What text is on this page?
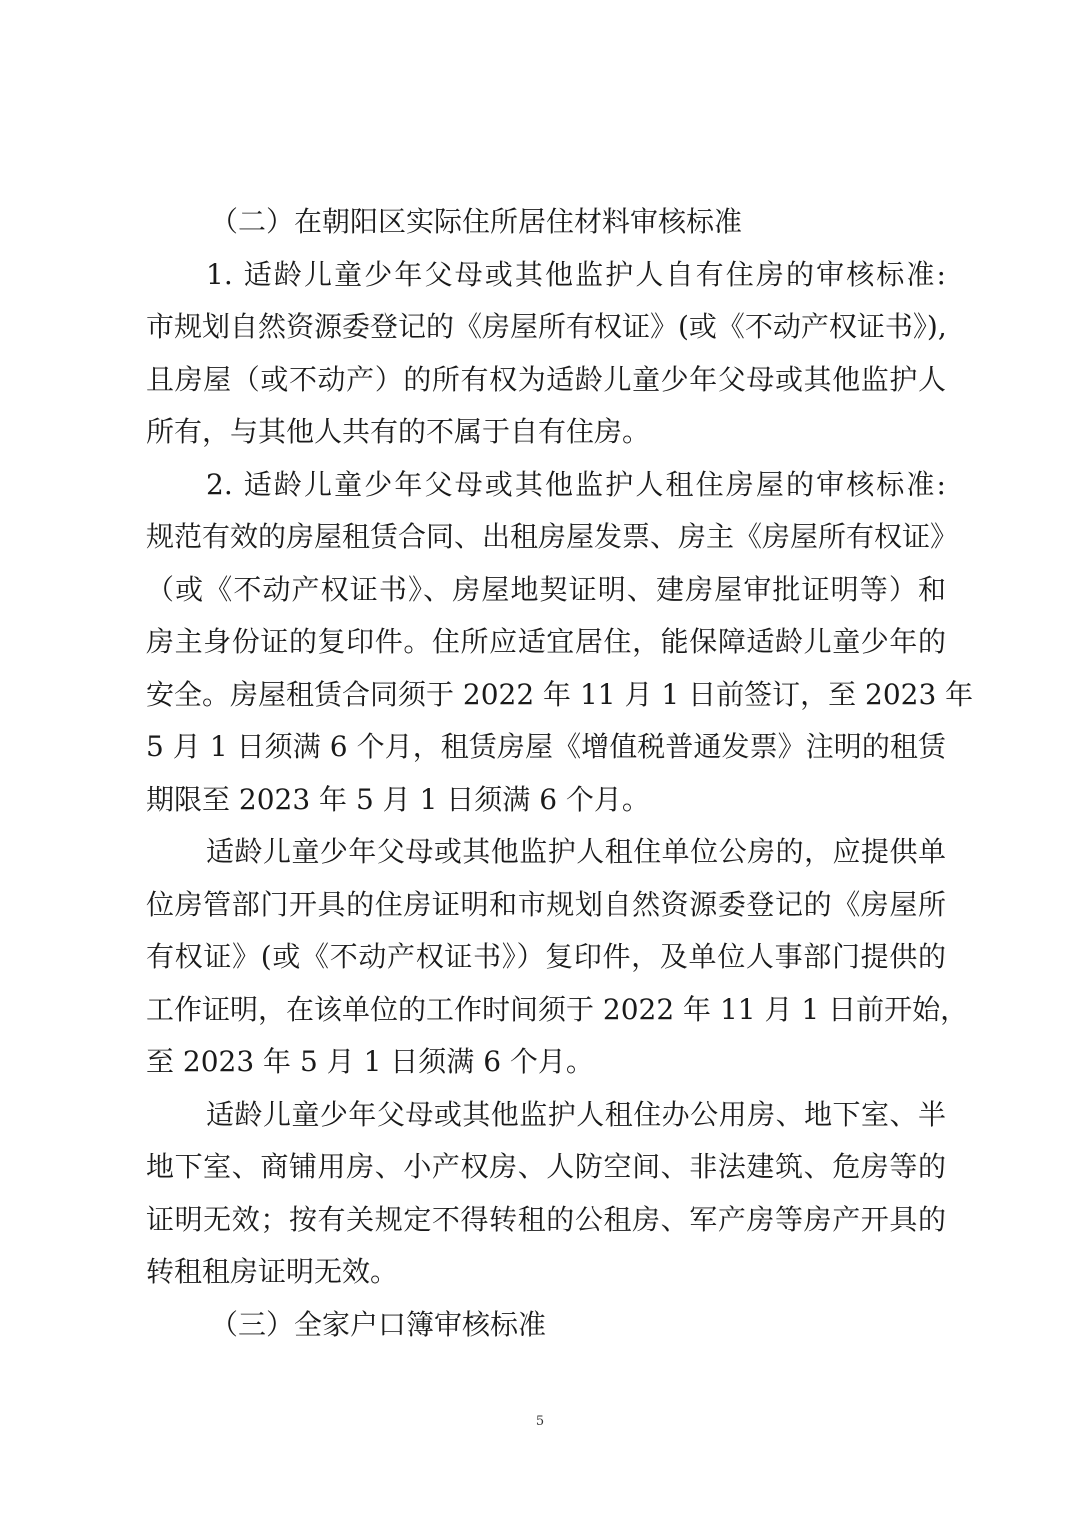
（二）在朝阳区实际住所居住材料审核标准
1. 适龄儿童少年父母或其他监护人自有住房的审核标准:
市规划自然资源委登记的《房屋所有权证》(或《不动产权证书》),
且房屋（或不动产）的所有权为适龄儿童少年父母或其他监护人
所有，与其他人共有的不属于自有住房。
2. 适龄儿童少年父母或其他监护人租住房屋的审核标准:
规范有效的房屋租赁合同、出租房屋发票、房主《房屋所有权证》
（或《不动产权证书》、房屋地契证明、建房屋审批证明等）和
房主身份证的复印件。住所应适宜居住，能保障适龄儿童少年的
安全。房屋租赁合同须于 2022 年 11 月 1 日前签订，至 2023 年
5 月 1 日须满 6 个月，租赁房屋《增值税普通发票》注明的租赁
期限至 2023 年 5 月 1 日须满 6 个月。
适龄儿童少年父母或其他监护人租住单位公房的，应提供单
位房管部门开具的住房证明和市规划自然资源委登记的《房屋所
有权证》(或《不动产权证书》）复印件，及单位人事部门提供的
工作证明，在该单位的工作时间须于 2022 年 11 月 1 日前开始，
至 2023 年 5 月 1 日须满 6 个月。
适龄儿童少年父母或其他监护人租住办公用房、地下室、半
地下室、商铺用房、小产权房、人防空间、非法建筑、危房等的
证明无效；按有关规定不得转租的公租房、军产房等房产开具的
转租租房证明无效。
（三）全家户口簿审核标准
5
